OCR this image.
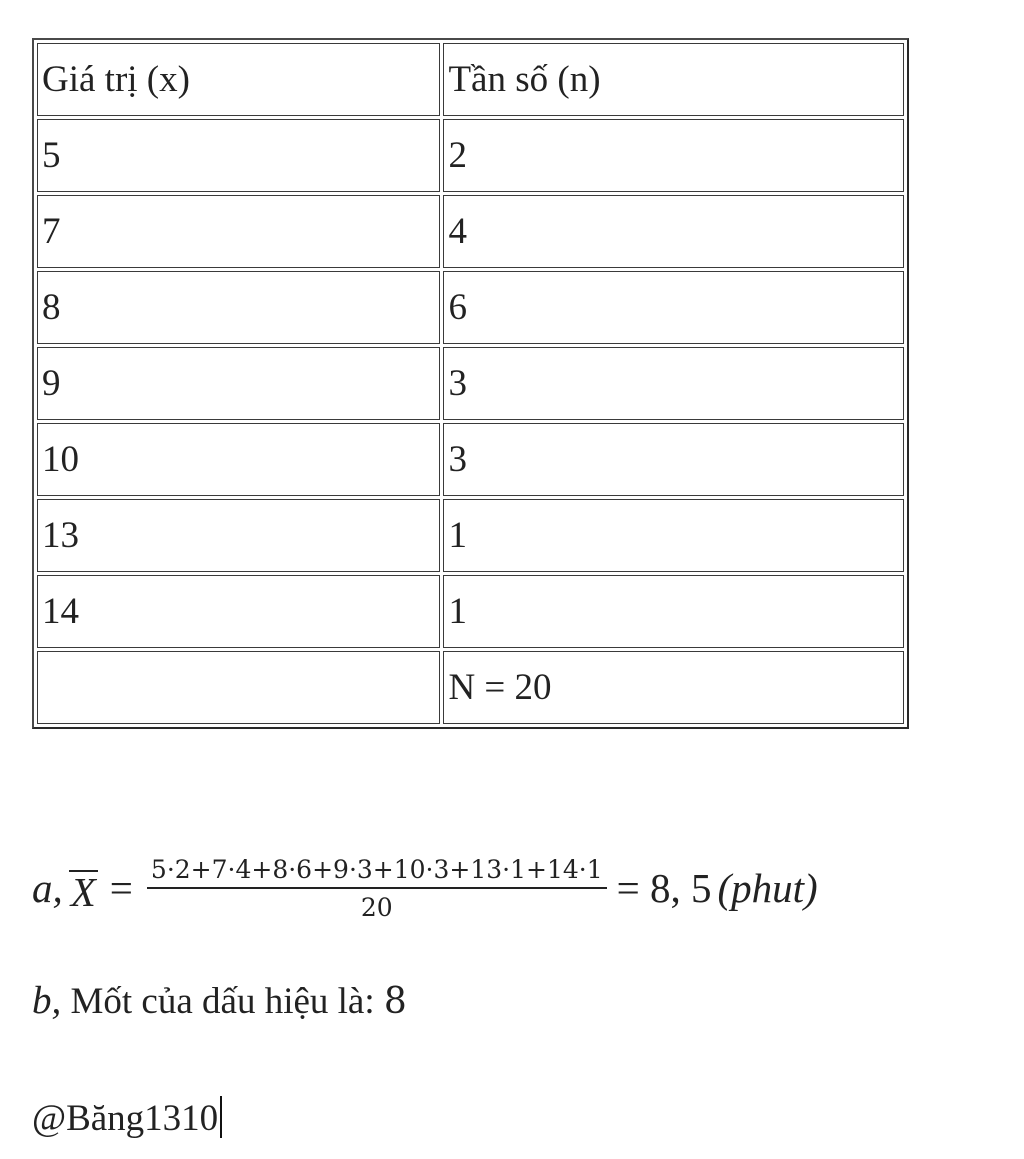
Giá trị (x)	Tần số (n)
5	2
7	4
8	6
9	3
10	3
13	1
14	1
	N = 20
a, $X = \frac{5\cdot 2+7\cdot 4+8\cdot 6+9\cdot 3+10\cdot 3+13\cdot 1+14\cdot 1}{20} = 8$, 5 (phut)
b, Mốt của dấu hiệu là: 8
@Băng1310
